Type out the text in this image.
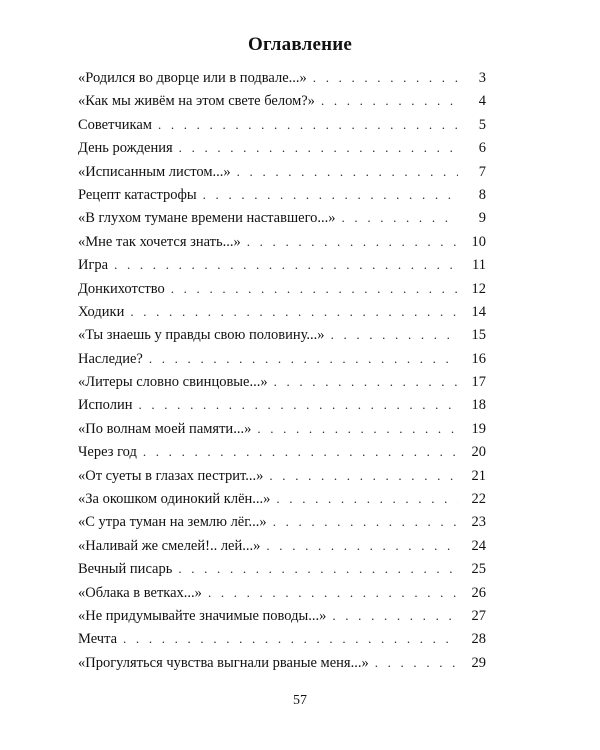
Оглавление
«Родился во дворце или в подвале...» . . .	3
«Как мы живём на этом свете белом?» . . .	4
Советчикам . . .	5
День рождения . . .	6
«Исписанным листом...» . . .	7
Рецепт катастрофы . . .	8
«В глухом тумане времени наставшего...» . . .	9
«Мне так хочется знать...» . . .	10
Игра . . .	11
Донкихотство . . .	12
Ходики . . .	14
«Ты знаешь у правды свою половину...» . . .	15
Наследие? . . .	16
«Литеры словно свинцовые...» . . .	17
Исполин . . .	18
«По волнам моей памяти...» . . .	19
Через год . . .	20
«От суеты в глазах пестрит...» . . .	21
«За окошком одинокий клён...» . . .	22
«С утра туман на землю лёг...» . . .	23
«Наливай же смелей!.. лей...» . . .	24
Вечный писарь . . .	25
«Облака в ветках...» . . .	26
«Не придумывайте значимые поводы...» . . .	27
Мечта . . .	28
«Прогуляться чувства выгнали рваные меня...» . . .	29
57
